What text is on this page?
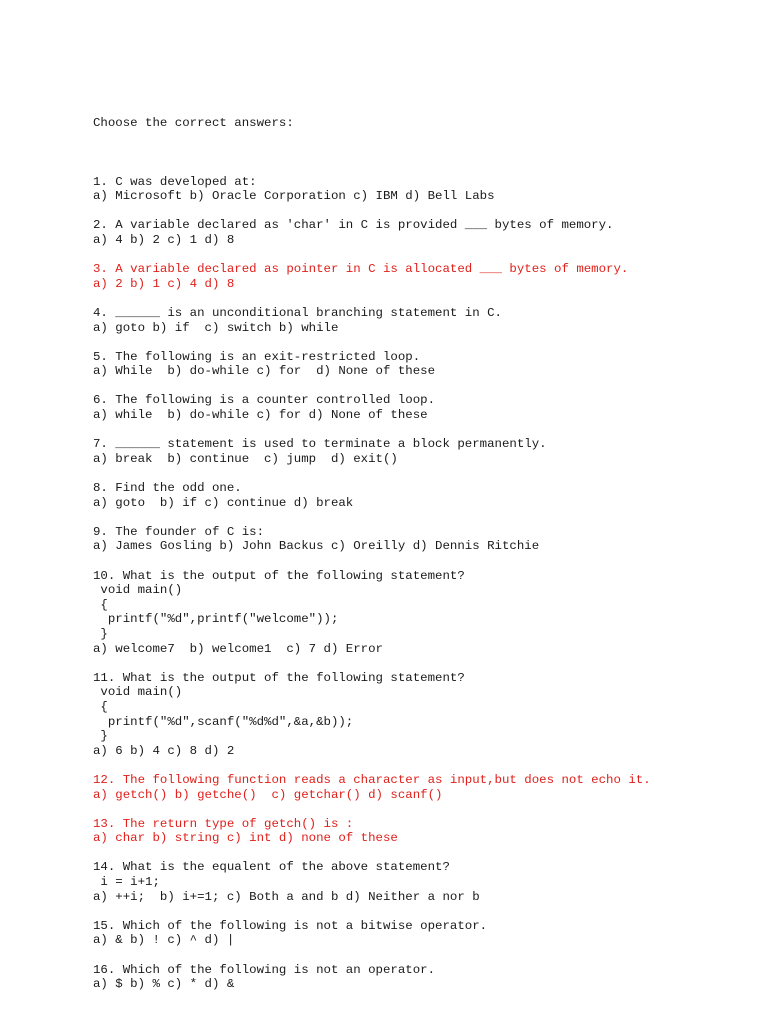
Choose the correct answers:

1. C was developed at:
a) Microsoft b) Oracle Corporation c) IBM d) Bell Labs
2. A variable declared as 'char' in C is provided ___ bytes of memory.
a) 4 b) 2 c) 1 d) 8
3. A variable declared as pointer in C is allocated ___ bytes of memory.
a) 2 b) 1 c) 4 d) 8
4. ______ is an unconditional branching statement in C.
a) goto b) if  c) switch b) while
5. The following is an exit-restricted loop.
a) While  b) do-while c) for  d) None of these
6. The following is a counter controlled loop.
a) while  b) do-while c) for d) None of these
7. ______ statement is used to terminate a block permanently.
a) break  b) continue  c) jump  d) exit()
8. Find the odd one.
a) goto  b) if c) continue d) break
9. The founder of C is:
a) James Gosling b) John Backus c) Oreilly d) Dennis Ritchie
10. What is the output of the following statement?
void main()
{
printf("%d",printf("welcome"));
}
a) welcome7  b) welcome1  c) 7 d) Error
11. What is the output of the following statement?
void main()
{
printf("%d",scanf("%d%d",&a,&b));
}
a) 6 b) 4 c) 8 d) 2
12. The following function reads a character as input,but does not echo it.
a) getch() b) getche()  c) getchar() d) scanf()
13. The return type of getch() is :
a) char b) string c) int d) none of these
14. What is the equalent of the above statement?
i = i+1;
a) ++i;  b) i+=1; c) Both a and b d) Neither a nor b
15. Which of the following is not a bitwise operator.
a) & b) ! c) ^ d) |
16. Which of the following is not an operator.
a) $ b) % c) * d) &
